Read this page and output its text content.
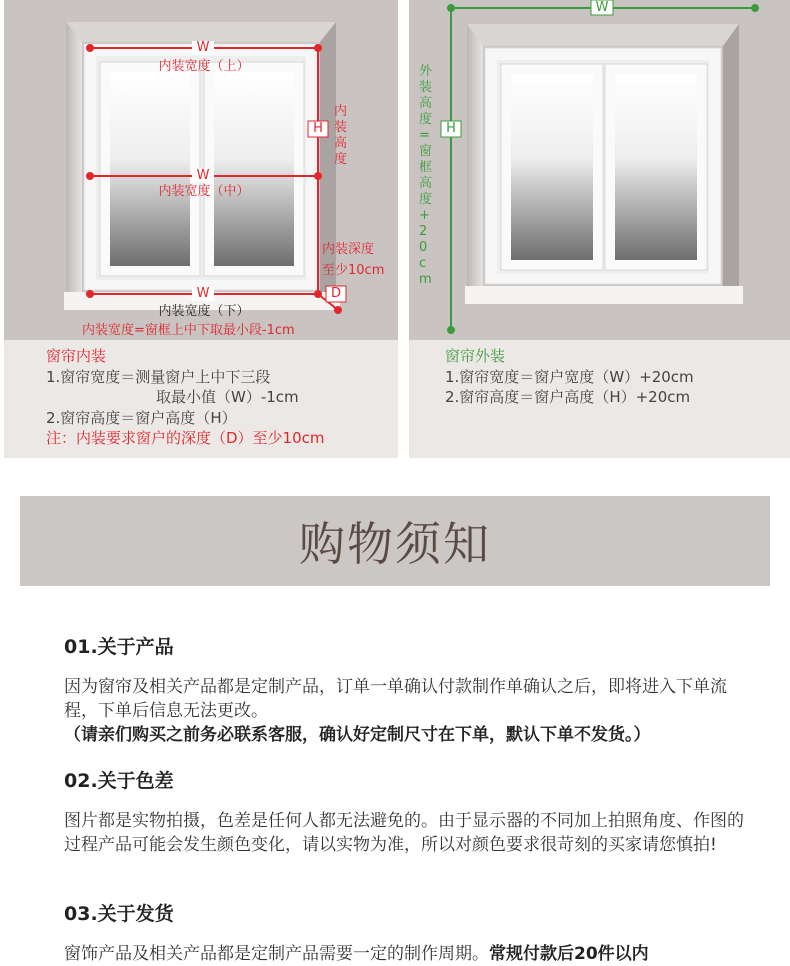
W
内装宽度（上）
W
内装宽度（中）
W
内装宽度（下）
H
内装高度
内装深度
至少10cm
D
内装宽度=窗框上中下取最小段-1cm
窗帘内装
1.窗帘宽度＝测量窗户上中下三段
取最小值（W）-1cm
2.窗帘高度＝窗户高度（H）
注：内装要求窗户的深度（D）至少10cm
W
H
外装高度=窗框高度+20cm
窗帘外装
1.窗帘宽度＝窗户宽度（W）+20cm
2.窗帘高度＝窗户高度（H）+20cm
购物须知
01.关于产品

因为窗帘及相关产品都是定制产品，订单一单确认付款制作单确认之后，即将进入下单流程，下单后信息无法更改。

（请亲们购买之前务必联系客服，确认好定制尺寸在下单，默认下单不发货。）

02.关于色差

图片都是实物拍摄，色差是任何人都无法避免的。由于显示器的不同加上拍照角度、作图的过程产品可能会发生颜色变化，请以实物为准，所以对颜色要求很苛刻的买家请您慎拍!

03.关于发货

窗饰产品及相关产品都是定制产品需要一定的制作周期。常规付款后20件以内
